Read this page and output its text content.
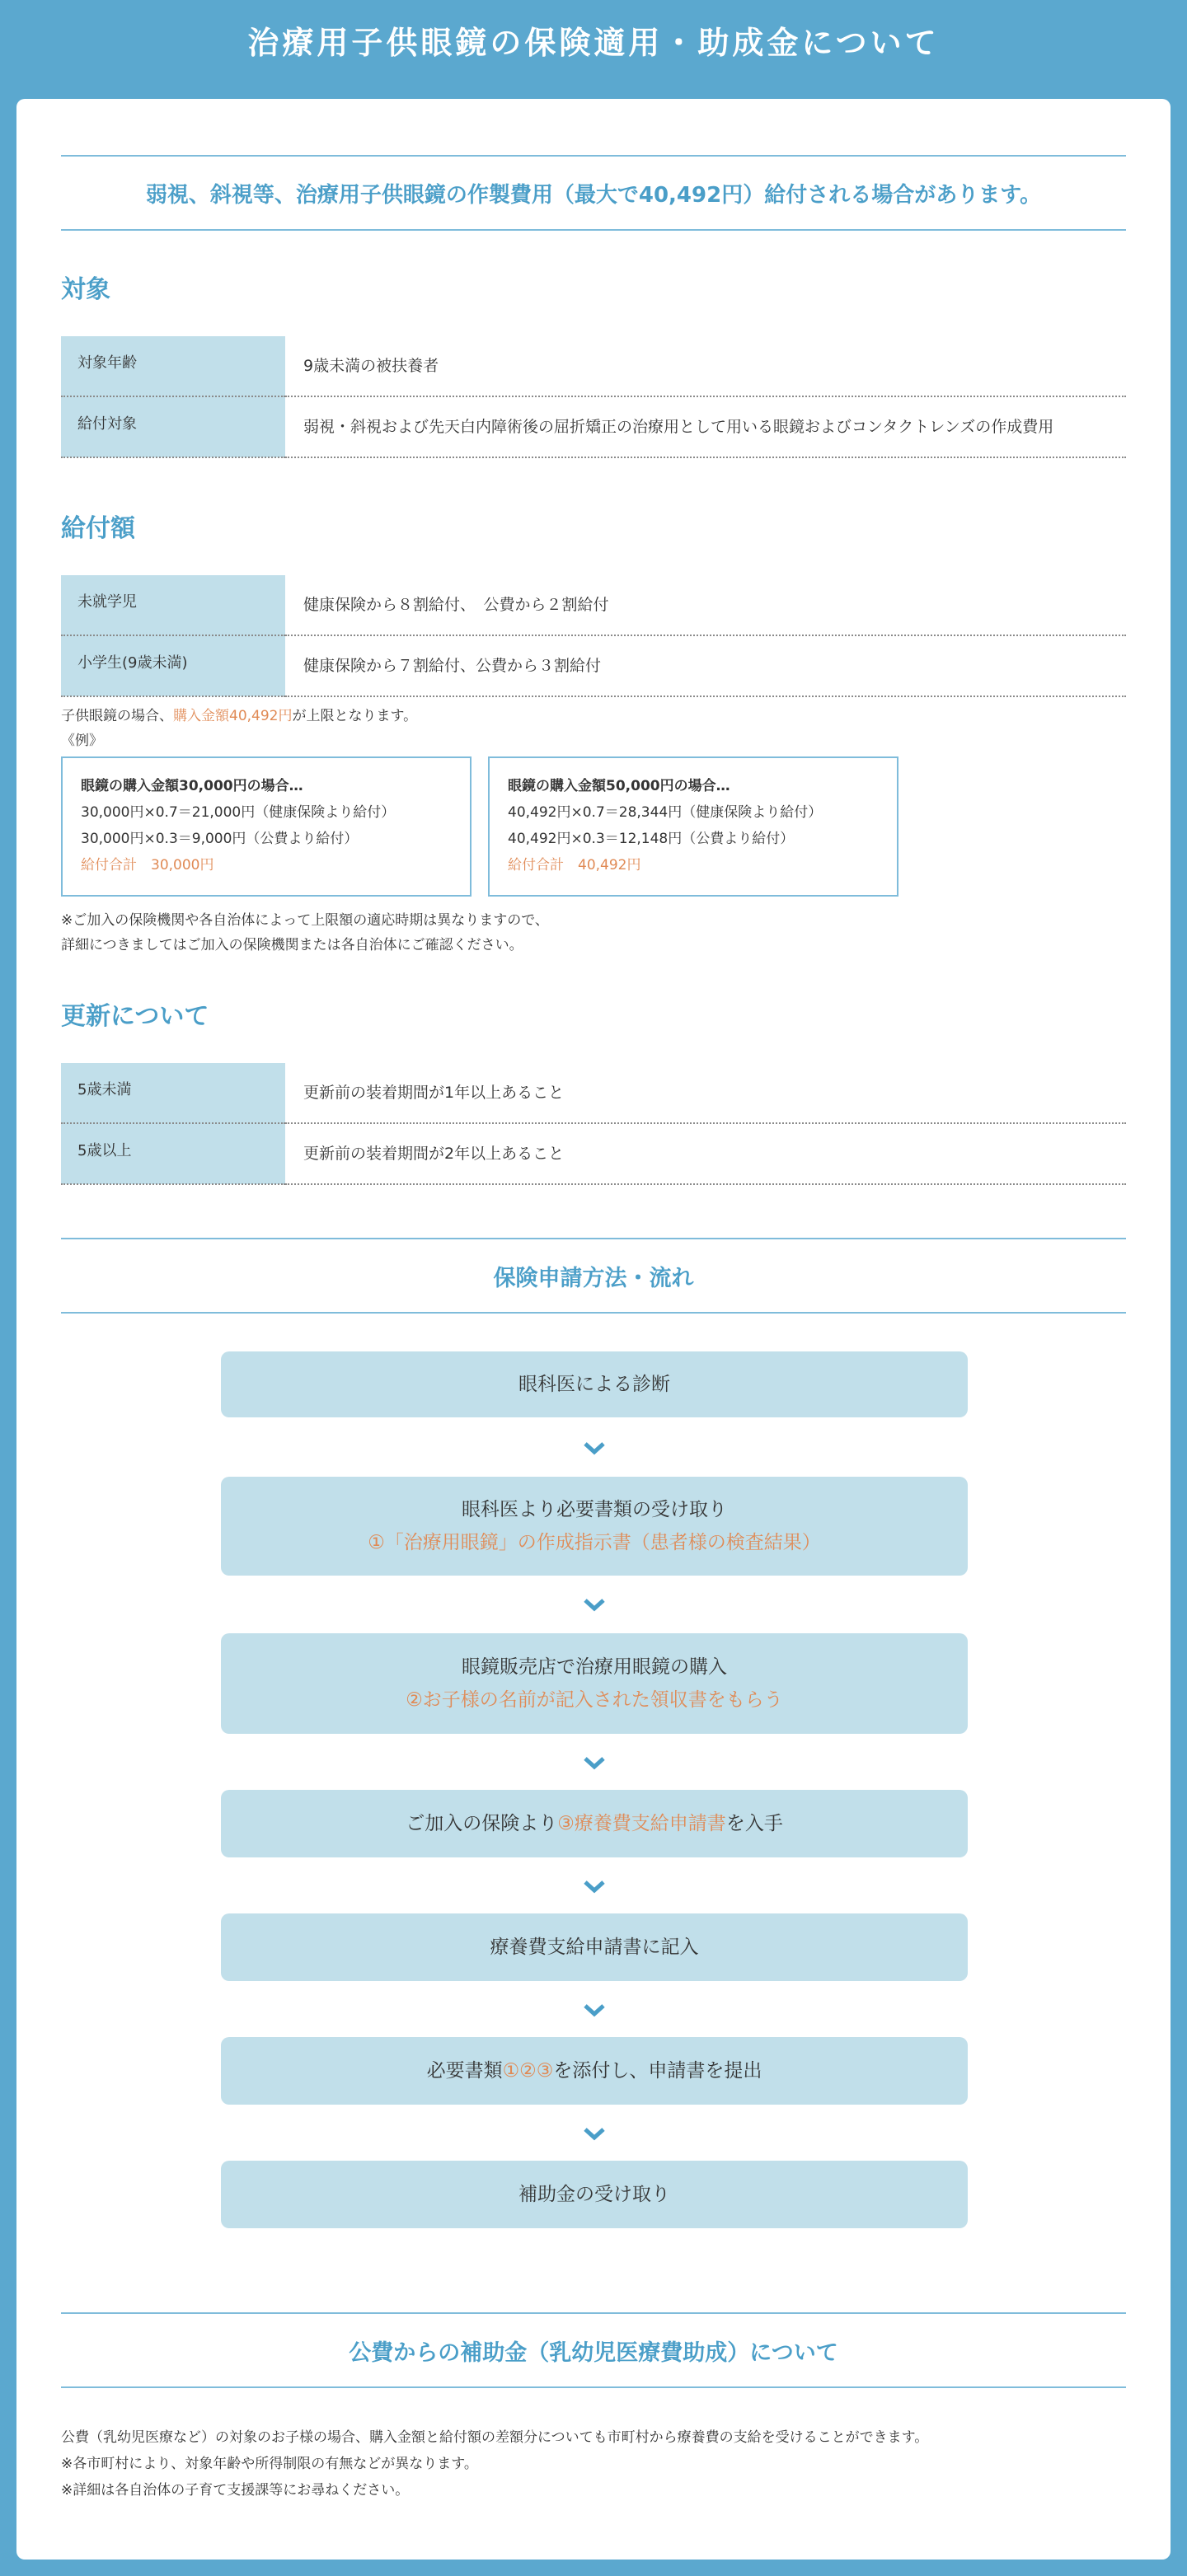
治療用子供眼鏡の保険適用・助成金について
弱視、斜視等、治療用子供眼鏡の作製費用（最大で40,492円）給付される場合があります。
対象
対象年齢	9歳未満の被扶養者
給付対象	弱視・斜視および先天白内障術後の屈折矯正の治療用として用いる眼鏡およびコンタクトレンズの作成費用
給付額
未就学児	健康保険から８割給付、　公費から２割給付
小学生(9歳未満)	健康保険から７割給付、公費から３割給付
子供眼鏡の場合、購入金額40,492円が上限となります。
《例》
眼鏡の購入金額30,000円の場合…
30,000円×0.7＝21,000円（健康保険より給付）
30,000円×0.3＝9,000円（公費より給付）
給付合計　30,000円
眼鏡の購入金額50,000円の場合…
40,492円×0.7＝28,344円（健康保険より給付）
40,492円×0.3＝12,148円（公費より給付）
給付合計　40,492円
※ご加入の保険機関や各自治体によって上限額の適応時期は異なりますので、
詳細につきましてはご加入の保険機関または各自治体にご確認ください。
更新について
5歳未満	更新前の装着期間が1年以上あること
5歳以上	更新前の装着期間が2年以上あること
保険申請方法・流れ
眼科医による診断
眼科医より必要書類の受け取り
①「治療用眼鏡」の作成指示書（患者様の検査結果）
眼鏡販売店で治療用眼鏡の購入
②お子様の名前が記入された領収書をもらう
ご加入の保険より③療養費支給申請書を入手
療養費支給申請書に記入
必要書類①②③を添付し、申請書を提出
補助金の受け取り
公費からの補助金（乳幼児医療費助成）について
公費（乳幼児医療など）の対象のお子様の場合、購入金額と給付額の差額分についても市町村から療養費の支給を受けることができます。
※各市町村により、対象年齢や所得制限の有無などが異なります。
※詳細は各自治体の子育て支援課等にお尋ねください。
